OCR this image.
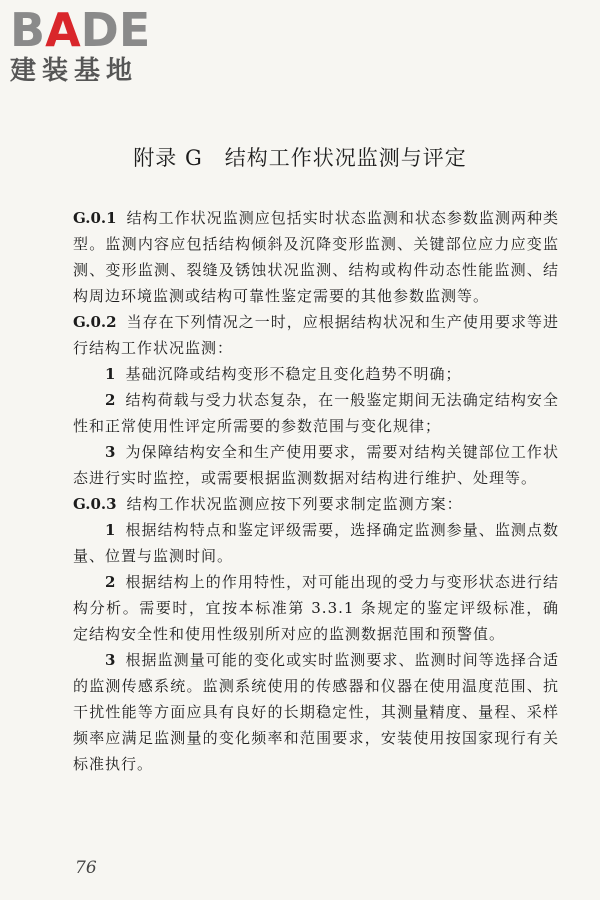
BADE
建装基地
附录 G 结构工作状况监测与评定

G.0.1 结构工作状况监测应包括实时状态监测和状态参数监测两种类型。监测内容应包括结构倾斜及沉降变形监测、关键部位应力应变监测、变形监测、裂缝及锈蚀状况监测、结构或构件动态性能监测、结构周边环境监测或结构可靠性鉴定需要的其他参数监测等。

G.0.2 当存在下列情况之一时，应根据结构状况和生产使用要求等进行结构工作状况监测：

1 基础沉降或结构变形不稳定且变化趋势不明确；

2 结构荷载与受力状态复杂，在一般鉴定期间无法确定结构安全性和正常使用性评定所需要的参数范围与变化规律；

3 为保障结构安全和生产使用要求，需要对结构关键部位工作状态进行实时监控，或需要根据监测数据对结构进行维护、处理等。

G.0.3 结构工作状况监测应按下列要求制定监测方案：

1 根据结构特点和鉴定评级需要，选择确定监测参量、监测点数量、位置与监测时间。

2 根据结构上的作用特性，对可能出现的受力与变形状态进行结构分析。需要时，宜按本标准第 3.3.1 条规定的鉴定评级标准，确定结构安全性和使用性级别所对应的监测数据范围和预警值。

3 根据监测量可能的变化或实时监测要求、监测时间等选择合适的监测传感系统。监测系统使用的传感器和仪器在使用温度范围、抗干扰性能等方面应具有良好的长期稳定性，其测量精度、量程、采样频率应满足监测量的变化频率和范围要求，安装使用按国家现行有关标准执行。

76
